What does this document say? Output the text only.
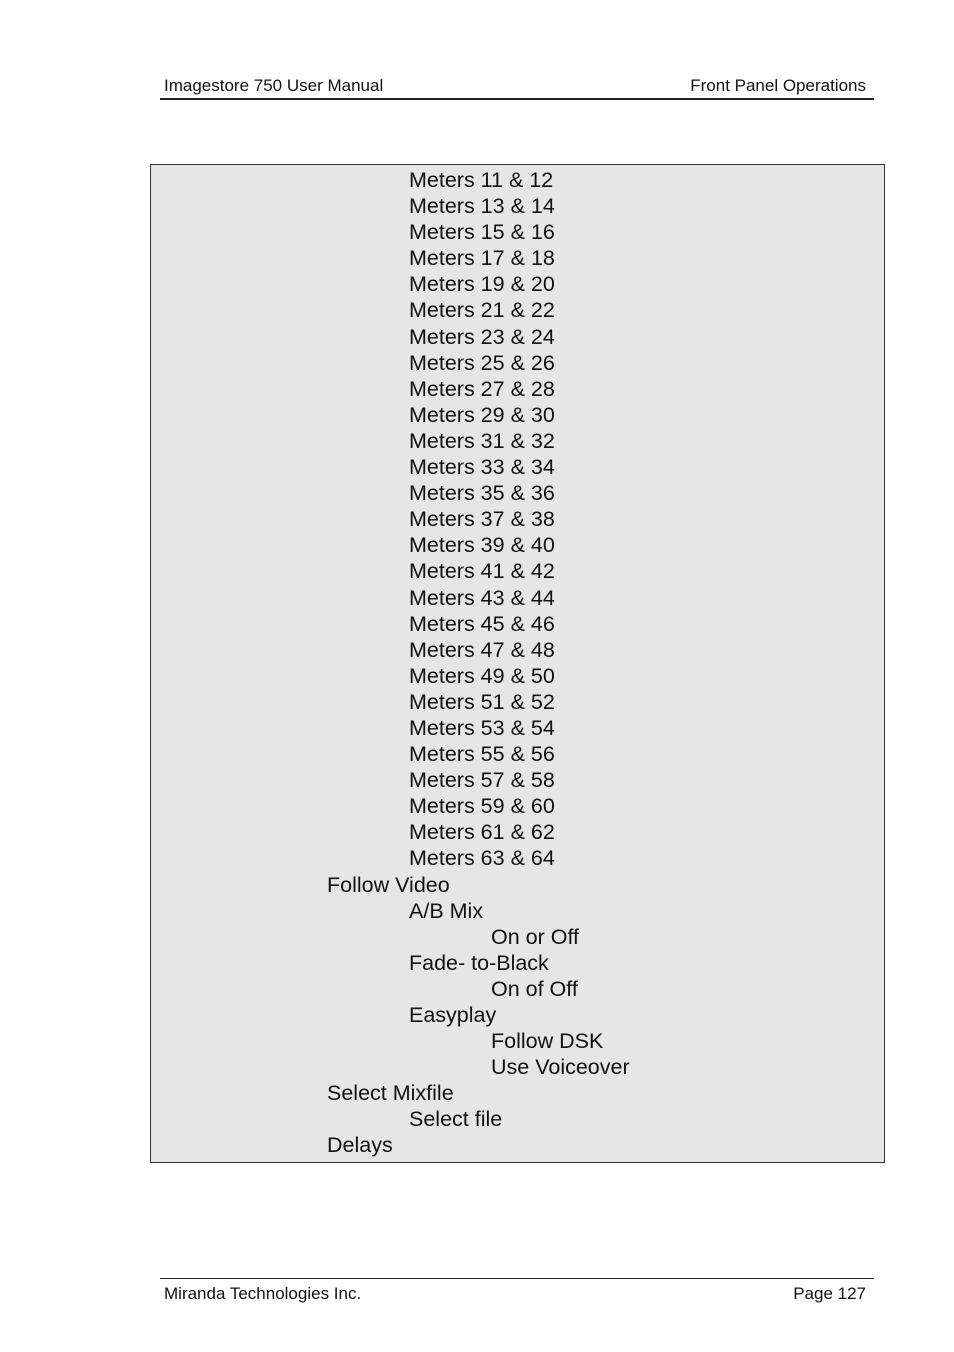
Imagestore 750 User Manual	Front Panel Operations
Meters 11 & 12
Meters 13 & 14
Meters 15 & 16
Meters 17 & 18
Meters 19 & 20
Meters 21 & 22
Meters 23 & 24
Meters 25 & 26
Meters 27 & 28
Meters 29 & 30
Meters 31 & 32
Meters 33 & 34
Meters 35 & 36
Meters 37 & 38
Meters 39 & 40
Meters 41 & 42
Meters 43 & 44
Meters 45 & 46
Meters 47 & 48
Meters 49 & 50
Meters 51 & 52
Meters 53 & 54
Meters 55 & 56
Meters 57 & 58
Meters 59 & 60
Meters 61 & 62
Meters 63 & 64
Follow Video
A/B Mix
On or Off
Fade- to-Black
On of Off
Easyplay
Follow DSK
Use Voiceover
Select Mixfile
Select file
Delays
Miranda Technologies Inc.	Page 127
